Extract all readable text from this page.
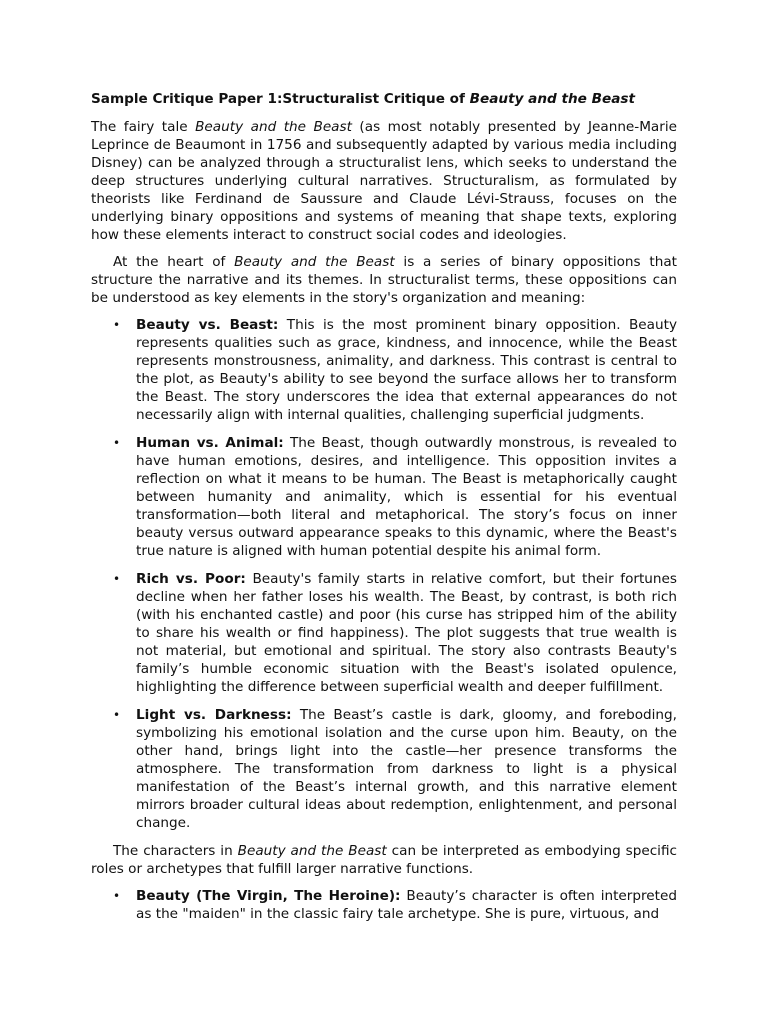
Sample Critique Paper 1:Structuralist Critique of Beauty and the Beast

The fairy tale Beauty and the Beast (as most notably presented by Jeanne-Marie Leprince de Beaumont in 1756 and subsequently adapted by various media including Disney) can be analyzed through a structuralist lens, which seeks to understand the deep structures underlying cultural narratives. Structuralism, as formulated by theorists like Ferdinand de Saussure and Claude Lévi-Strauss, focuses on the underlying binary oppositions and systems of meaning that shape texts, exploring how these elements interact to construct social codes and ideologies.

At the heart of Beauty and the Beast is a series of binary oppositions that structure the narrative and its themes. In structuralist terms, these oppositions can be understood as key elements in the story's organization and meaning:

• Beauty vs. Beast: This is the most prominent binary opposition. Beauty represents qualities such as grace, kindness, and innocence, while the Beast represents monstrousness, animality, and darkness. This contrast is central to the plot, as Beauty's ability to see beyond the surface allows her to transform the Beast. The story underscores the idea that external appearances do not necessarily align with internal qualities, challenging superficial judgments.
• Human vs. Animal: The Beast, though outwardly monstrous, is revealed to have human emotions, desires, and intelligence. This opposition invites a reflection on what it means to be human. The Beast is metaphorically caught between humanity and animality, which is essential for his eventual transformation—both literal and metaphorical. The story’s focus on inner beauty versus outward appearance speaks to this dynamic, where the Beast's true nature is aligned with human potential despite his animal form.
• Rich vs. Poor: Beauty's family starts in relative comfort, but their fortunes decline when her father loses his wealth. The Beast, by contrast, is both rich (with his enchanted castle) and poor (his curse has stripped him of the ability to share his wealth or find happiness). The plot suggests that true wealth is not material, but emotional and spiritual. The story also contrasts Beauty's family’s humble economic situation with the Beast's isolated opulence, highlighting the difference between superficial wealth and deeper fulfillment.
• Light vs. Darkness: The Beast’s castle is dark, gloomy, and foreboding, symbolizing his emotional isolation and the curse upon him. Beauty, on the other hand, brings light into the castle—her presence transforms the atmosphere. The transformation from darkness to light is a physical manifestation of the Beast’s internal growth, and this narrative element mirrors broader cultural ideas about redemption, enlightenment, and personal change.

The characters in Beauty and the Beast can be interpreted as embodying specific roles or archetypes that fulfill larger narrative functions.

• Beauty (The Virgin, The Heroine): Beauty’s character is often interpreted as the "maiden" in the classic fairy tale archetype. She is pure, virtuous, and
